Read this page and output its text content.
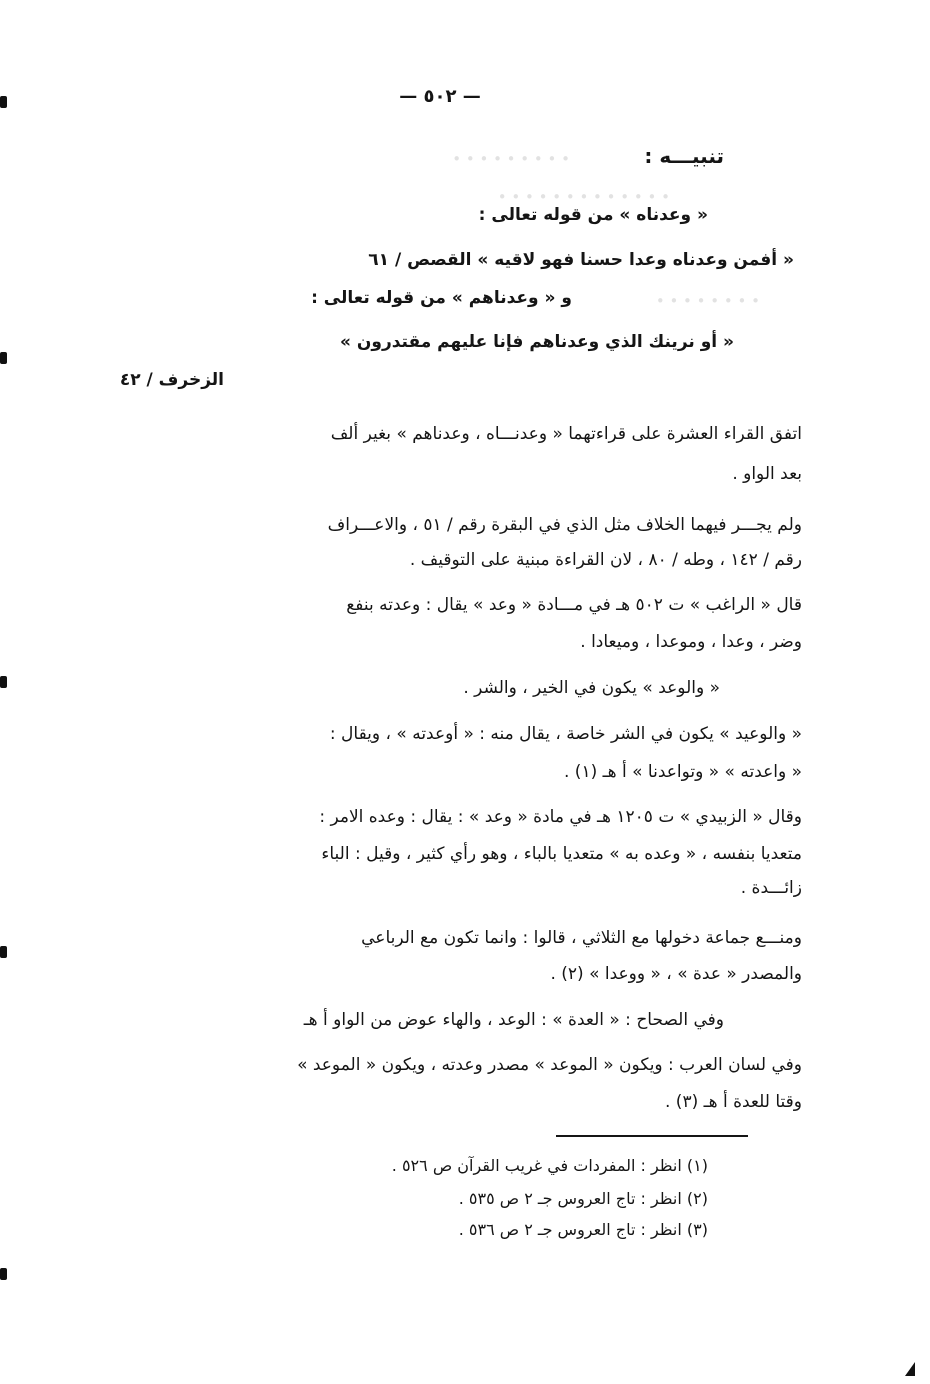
• • • • • • • • •
• • • • • • • • • • • • •
• • • • • • • •
— ٥٠٢ —
تنبيـــه :
« وعدناه » من قوله تعالى :
« أفمن وعدناه وعدا حسنا فهو لاقيه » القصص / ٦١
و « وعدناهم » من قوله تعالى :
« أو نرينك الذي وعدناهم فإنا عليهم مقتدرون »
الزخرف / ٤٢
اتفق القراء العشرة على قراءتهما « وعدنـــاه ، وعدناهم » بغير ألف
بعد الواو .
ولم يجـــر فيهما الخلاف مثل الذي في البقرة رقم / ٥١ ، والاعـــراف
رقم / ١٤٢ ، وطه / ٨٠ ، لان القراءة مبنية على التوقيف .
قال « الراغب » ت ٥٠٢ هـ في مـــادة « وعد » يقال : وعدته بنفع
وضر ، وعدا ، وموعدا ، وميعادا .
« والوعد » يكون في الخير ، والشر .
« والوعيد » يكون في الشر خاصة ، يقال منه : « أوعدته » ، ويقال :
« واعدته » « وتواعدنا » أ هـ (١) .
وقال « الزبيدي » ت ١٢٠٥ هـ في مادة « وعد » : يقال : وعده الامر :
متعديا بنفسه ، « وعده به » متعديا بالباء ، وهو رأي كثير ، وقيل : الباء
زائـــدة .
ومنـــع جماعة دخولها مع الثلاثي ، قالوا : وانما تكون مع الرباعي
والمصدر « عدة » ، « ووعدا » (٢) .
وفي الصحاح : « العدة » : الوعد ، والهاء عوض من الواو أ هـ
وفي لسان العرب : ويكون « الموعد » مصدر وعدته ، ويكون « الموعد »
وقتا للعدة أ هـ (٣) .
(١) انظر : المفردات في غريب القرآن ص ٥٢٦ .
(٢) انظر : تاج العروس جـ ٢ ص ٥٣٥ .
(٣) انظر : تاج العروس جـ ٢ ص ٥٣٦ .
